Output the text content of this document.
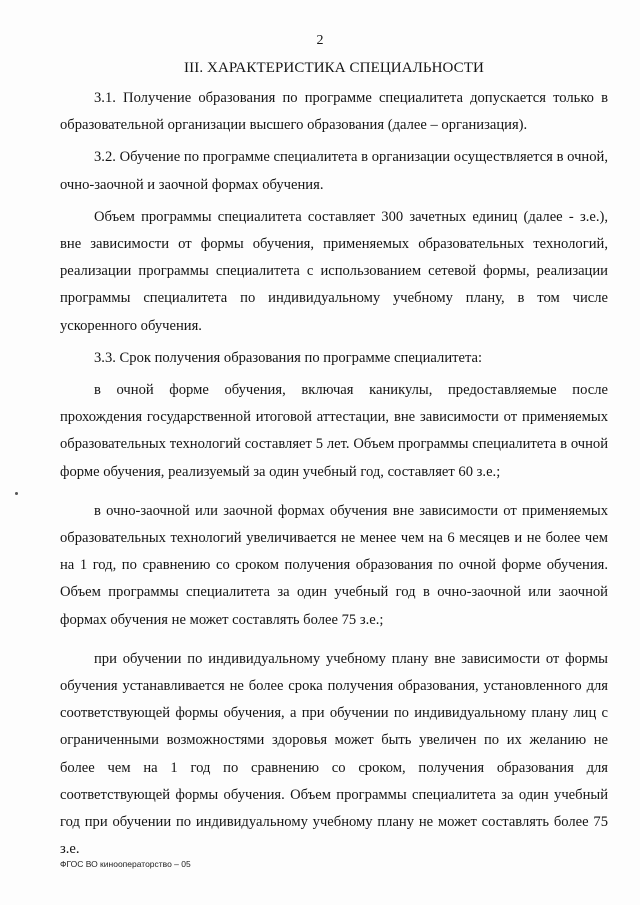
2
III. ХАРАКТЕРИСТИКА СПЕЦИАЛЬНОСТИ

3.1. Получение образования по программе специалитета допускается только в образовательной организации высшего образования (далее – организация).

3.2. Обучение по программе специалитета в организации осуществляется в очной, очно-заочной и заочной формах обучения.

Объем программы специалитета составляет 300 зачетных единиц (далее - з.е.), вне зависимости от формы обучения, применяемых образовательных технологий, реализации программы специалитета с использованием сетевой формы, реализации программы специалитета по индивидуальному учебному плану, в том числе ускоренного обучения.

3.3. Срок получения образования по программе специалитета:

в очной форме обучения, включая каникулы, предоставляемые после прохождения государственной итоговой аттестации, вне зависимости от применяемых образовательных технологий составляет 5 лет. Объем программы специалитета в очной форме обучения, реализуемый за один учебный год, составляет 60 з.е.;

в очно-заочной или заочной формах обучения вне зависимости от применяемых образовательных технологий увеличивается не менее чем на 6 месяцев и не более чем на 1 год, по сравнению со сроком получения образования по очной форме обучения. Объем программы специалитета за один учебный год в очно-заочной или заочной формах обучения не может составлять более 75 з.е.;

при обучении по индивидуальному учебному плану вне зависимости от формы обучения устанавливается не более срока получения образования, установленного для соответствующей формы обучения, а при обучении по индивидуальному плану лиц с ограниченными возможностями здоровья может быть увеличен по их желанию не более чем на 1 год по сравнению со сроком, получения образования для соответствующей формы обучения. Объем программы специалитета за один учебный год при обучении по индивидуальному учебному плану не может составлять более 75 з.е.

ФГОС ВО кинооператорство – 05
